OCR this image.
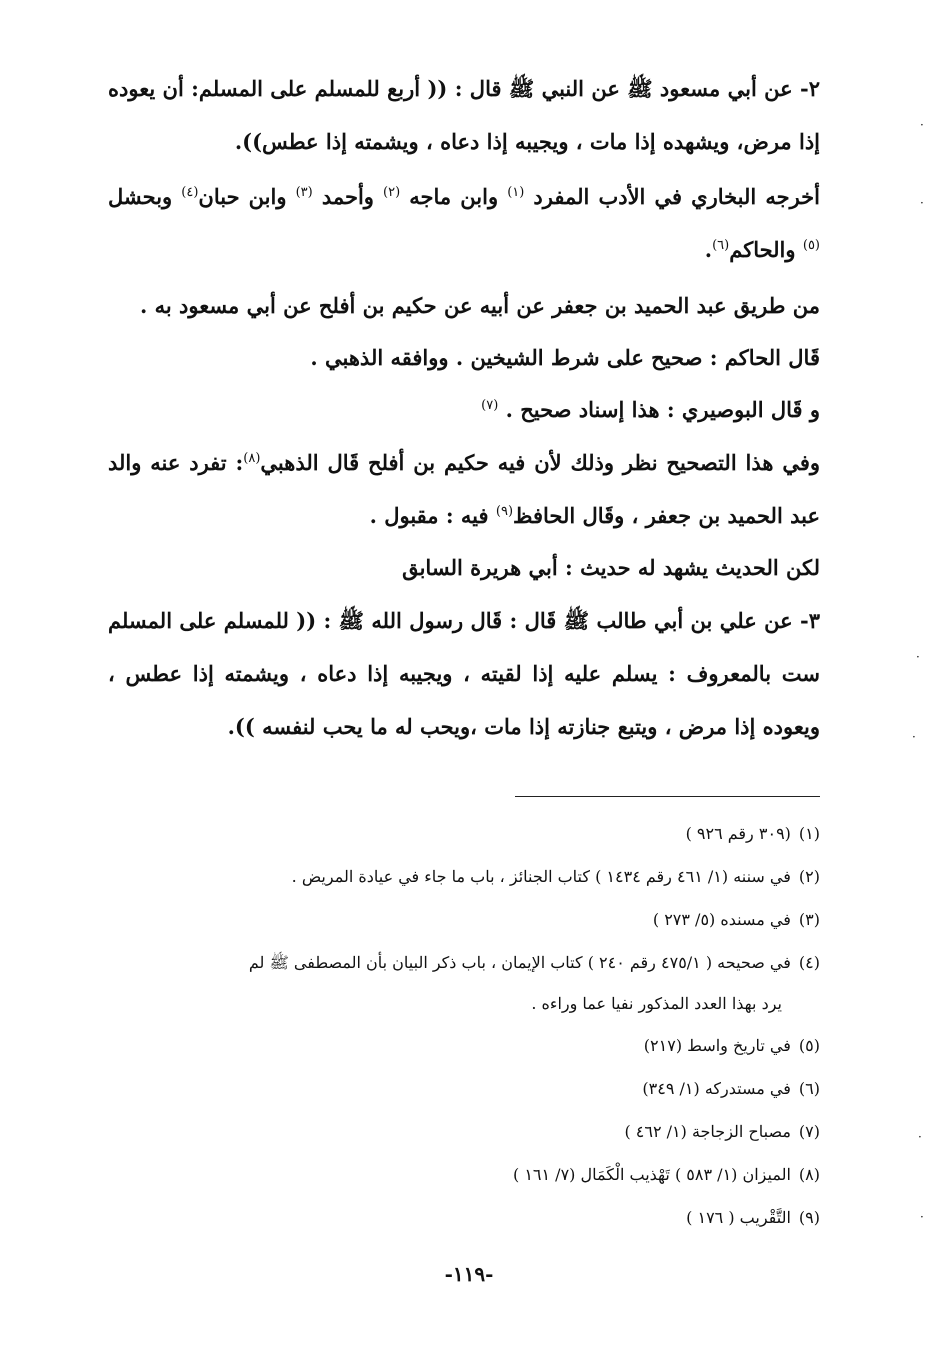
٢- عن أبي مسعود ﷺ عن النبي ﷺ قال : (( أربع للمسلم على المسلم: أن يعوده إذا مرض، ويشهده إذا مات ، ويجيبه إذا دعاه ، ويشمته إذا عطس)).

أخرجه البخاري في الأدب المفرد $^{(١)}$ وابن ماجه $^{(٢)}$ وأحمد $^{(٣)}$ وابن حبان$^{(٤)}$ وبحشل $^{(٥)}$ والحاكم$^{(٦)}$.

من طريق عبد الحميد بن جعفر عن أبيه عن حكيم بن أفلح عن أبي مسعود به .

قَال الحاكم : صحيح على شرط الشيخين . ووافقه الذهبي .

و قَال البوصيري : هذا إسناد صحيح . $^{(٧)}$

وفي هذا التصحيح نظر وذلك لأن فيه حكيم بن أفلح قَال الذهبي$^{(٨)}$: تفرد عنه والد عبد الحميد بن جعفر ، وقَال الحافظ$^{(٩)}$ فيه : مقبول .

لكن الحديث يشهد له حديث : أبي هريرة السابق

٣- عن علي بن أبي طالب ﷺ قَال : قَال رسول الله ﷺ : (( للمسلم على المسلم ست بالمعروف : يسلم عليه إذا لقيته ، ويجيبه إذا دعاه ، ويشمته إذا عطس ، ويعوده إذا مرض ، ويتبع جنازته إذا مات ،ويحب له ما يحب لنفسه )).

(١)(٣٠٩ رقم ٩٢٦ )

(٢)في سننه (١/ ٤٦١ رقم ١٤٣٤ ) كتاب الجنائز ، باب ما جاء في عيادة المريض .

(٣)في مسنده (٥/ ٢٧٣ )

(٤)في صحيحه ( ٤٧٥/١ رقم ٢٤٠ ) كتاب الإيمان ، باب ذكر البيان بأن المصطفى ﷺ لم

يرد بهذا العدد المذكور نفيا عما وراءه .

(٥)في تاريخ واسط (٢١٧)

(٦)في مستدركه (١/ ٣٤٩)

(٧)مصباح الزجاجة (١/ ٤٦٢ )

(٨)الميزان (١/ ٥٨٣ ) تَهْذيب الْكَمَال (٧/ ١٦١ )

(٩)التَّقْريب ( ١٧٦ )

-١١٩-
·
·
·
·
·
·
